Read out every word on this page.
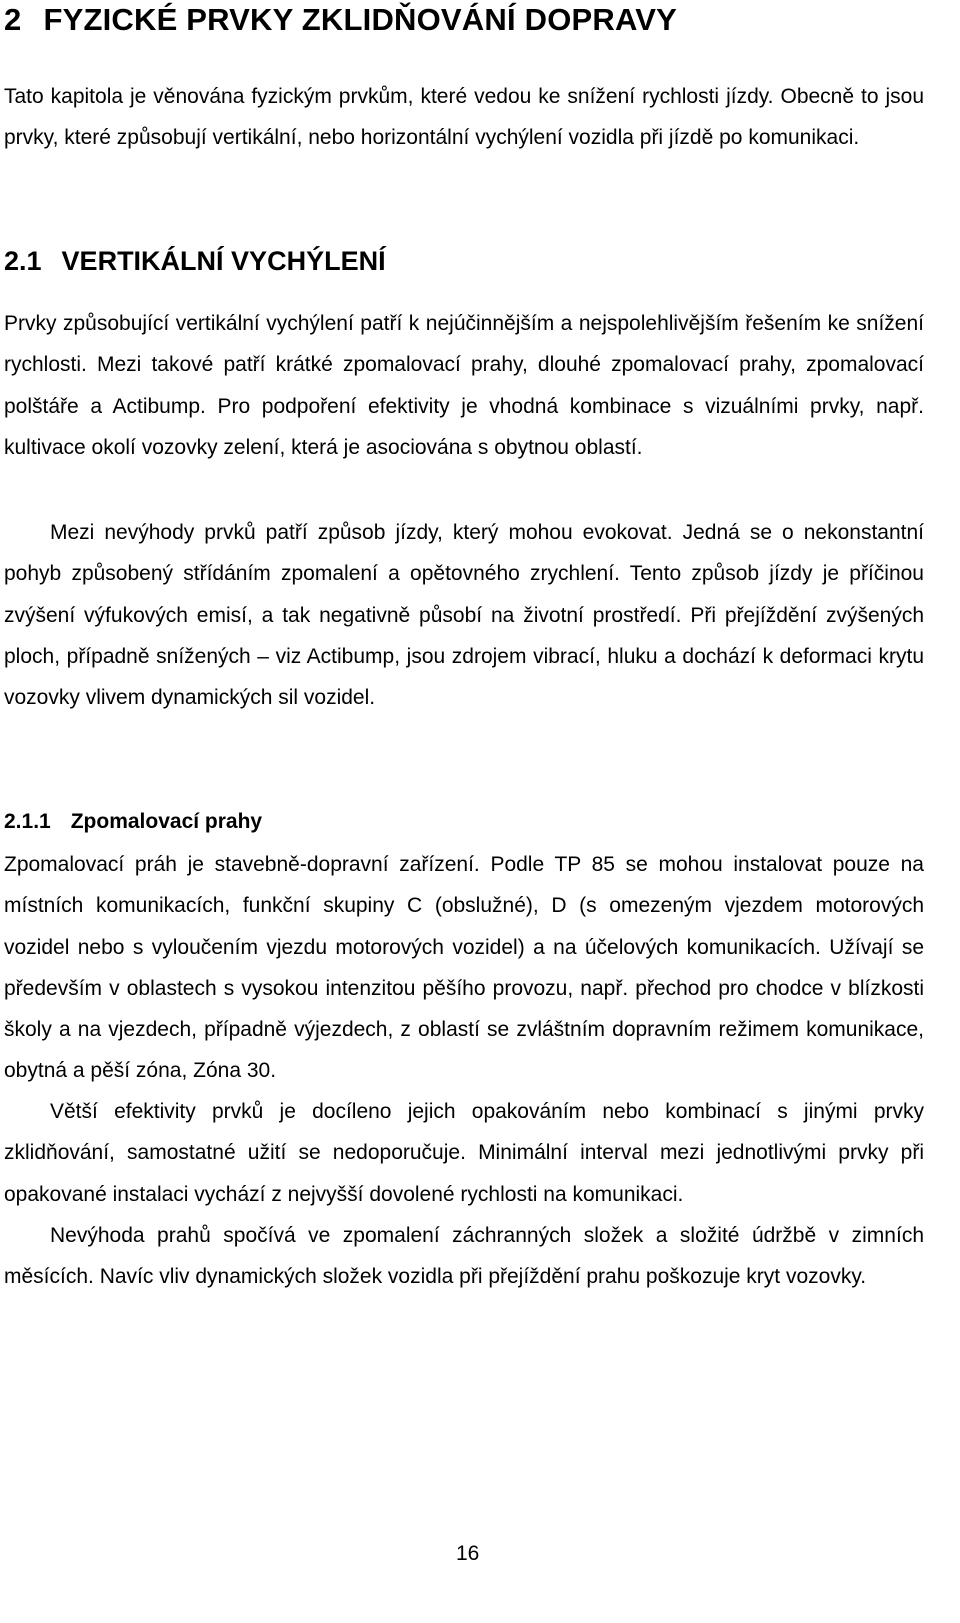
2 FYZICKÉ PRVKY ZKLIDŇOVÁNÍ DOPRAVY

Tato kapitola je věnována fyzickým prvkům, které vedou ke snížení rychlosti jízdy. Obecně to jsou prvky, které způsobují vertikální, nebo horizontální vychýlení vozidla při jízdě po komunikaci.

2.1 VERTIKÁLNÍ VYCHÝLENÍ

Prvky způsobující vertikální vychýlení patří k nejúčinnějším a nejspolehlivějším řešením ke snížení rychlosti. Mezi takové patří krátké zpomalovací prahy, dlouhé zpomalovací prahy, zpomalovací polštáře a Actibump. Pro podpoření efektivity je vhodná kombinace s vizuálními prvky, např. kultivace okolí vozovky zelení, která je asociována s obytnou oblastí.

Mezi nevýhody prvků patří způsob jízdy, který mohou evokovat. Jedná se o nekonstantní pohyb způsobený střídáním zpomalení a opětovného zrychlení. Tento způsob jízdy je příčinou zvýšení výfukových emisí, a tak negativně působí na životní prostředí. Při přejíždění zvýšených ploch, případně snížených – viz Actibump, jsou zdrojem vibrací, hluku a dochází k deformaci krytu vozovky vlivem dynamických sil vozidel.

2.1.1 Zpomalovací prahy

Zpomalovací práh je stavebně-dopravní zařízení. Podle TP 85 se mohou instalovat pouze na místních komunikacích, funkční skupiny C (obslužné), D (s omezeným vjezdem motorových vozidel nebo s vyloučením vjezdu motorových vozidel) a na účelových komunikacích. Užívají se především v oblastech s vysokou intenzitou pěšího provozu, např. přechod pro chodce v blízkosti školy a na vjezdech, případně výjezdech, z oblastí se zvláštním dopravním režimem komunikace, obytná a pěší zóna, Zóna 30.

Větší efektivity prvků je docíleno jejich opakováním nebo kombinací s jinými prvky zklidňování, samostatné užití se nedoporučuje. Minimální interval mezi jednotlivými prvky při opakované instalaci vychází z nejvyšší dovolené rychlosti na komunikaci.

Nevýhoda prahů spočívá ve zpomalení záchranných složek a složité údržbě v zimních měsících. Navíc vliv dynamických složek vozidla při přejíždění prahu poškozuje kryt vozovky.

16
